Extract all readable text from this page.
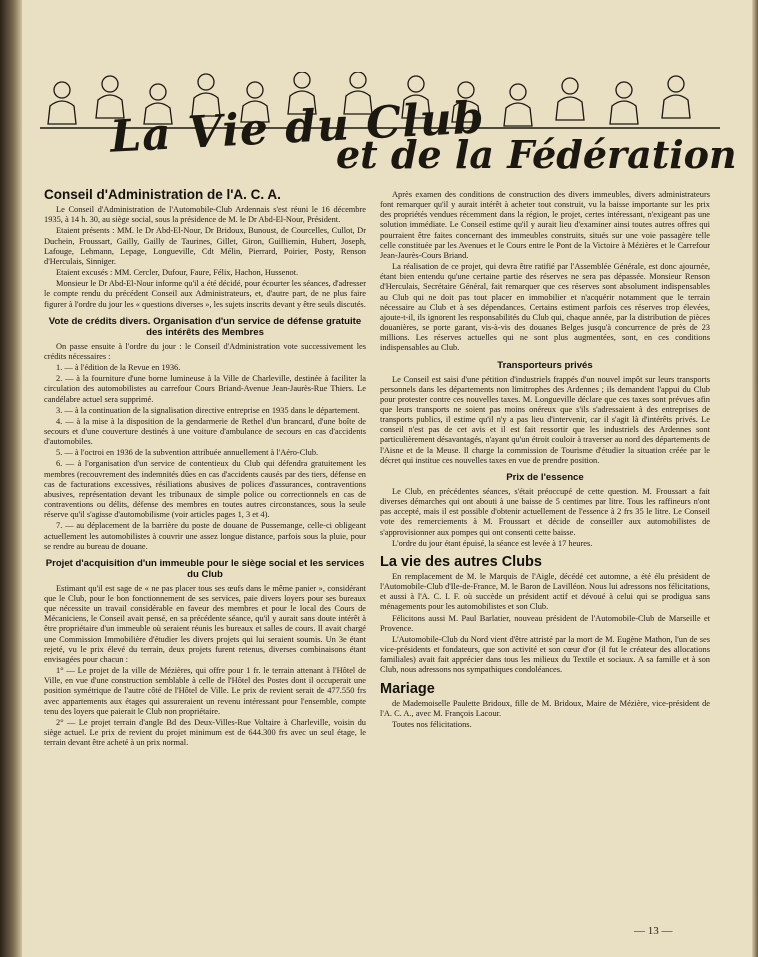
La Vie du Club
et de la Fédération
Conseil d'Administration de l'A. C. A.

Le Conseil d'Administration de l'Automobile-Club Ardennais s'est réuni le 16 décembre 1935, à 14 h. 30, au siège social, sous la présidence de M. le Dr Abd-El-Nour, Président.

Etaient présents : MM. le Dr Abd-El-Nour, Dr Bridoux, Bunoust, de Courcelles, Cullot, Dr Duchein, Froussart, Gailly, Gailly de Taurines, Gillet, Giron, Guilliemin, Hubert, Joseph, Lafouge, Lehmann, Lepage, Longueville, Cdt Mélin, Pierrard, Poirier, Posty, Renson d'Herculais, Sinniger.

Etaient excusés : MM. Cercler, Dufour, Faure, Félix, Hachon, Hussenot.

Monsieur le Dr Abd-El-Nour informe qu'il a été décidé, pour écourter les séances, d'adresser le compte rendu du précédent Conseil aux Administrateurs, et, d'autre part, de ne plus faire figurer à l'ordre du jour les « questions diverses », les sujets inscrits devant y être seuls discutés.

Vote de crédits divers. Organisation d'un service de défense gratuite des intérêts des Membres

On passe ensuite à l'ordre du jour : le Conseil d'Administration vote successivement les crédits nécessaires :

1. — à l'édition de la Revue en 1936.

2. — à la fourniture d'une borne lumineuse à la Ville de Charleville, destinée à faciliter la circulation des automobilistes au carrefour Cours Briand-Avenue Jean-Jaurès-Rue Thiers. Le candélabre actuel sera supprimé.

3. — à la continuation de la signalisation directive entreprise en 1935 dans le département.

4. — à la mise à la disposition de la gendarmerie de Rethel d'un brancard, d'une boîte de secours et d'une couverture destinés à une voiture d'ambulance de secours en cas d'accidents d'automobiles.

5. — à l'octroi en 1936 de la subvention attribuée annuellement à l'Aéro-Club.

6. — à l'organisation d'un service de contentieux du Club qui défendra gratuitement les membres (recouvrement des indemnités dûes en cas d'accidents causés par des tiers, défense en cas de facturations excessives, résiliations abusives de polices d'assurances, contraventions abusives, représentation devant les tribunaux de simple police ou correctionnels en cas de contraventions ou délits, défense des membres en toutes autres circonstances, sous la seule réserve qu'il s'agisse d'automobilisme (voir articles pages 1, 3 et 4).

7. — au déplacement de la barrière du poste de douane de Pussemange, celle-ci obligeant actuellement les automobilistes à couvrir une assez longue distance, parfois sous la pluie, pour se rendre au bureau de douane.

Projet d'acquisition d'un immeuble pour le siège social et les services du Club

Estimant qu'il est sage de « ne pas placer tous ses œufs dans le même panier », considérant que le Club, pour le bon fonctionnement de ses services, paie divers loyers pour ses bureaux que nécessite un travail considérable en faveur des membres et pour le local des Cours de Mécaniciens, le Conseil avait pensé, en sa précédente séance, qu'il y aurait sans doute intérêt à être propriétaire d'un immeuble où seraient réunis les bureaux et salles de cours. Il avait chargé une Commission Immobilière d'étudier les divers projets qui lui seraient soumis. Un 3e étant rejeté, vu le prix élevé du terrain, deux projets furent retenus, diverses combinaisons étant envisagées pour chacun :

1° — Le projet de la ville de Mézières, qui offre pour 1 fr. le terrain attenant à l'Hôtel de Ville, en vue d'une construction semblable à celle de l'Hôtel des Postes dont il occuperait une position symétrique de l'autre côté de l'Hôtel de Ville. Le prix de revient serait de 477.550 frs avec appartements aux étages qui assureraient un revenu intéressant pour l'ensemble, compte tenu des loyers que paierait le Club non propriétaire.

2° — Le projet terrain d'angle Bd des Deux-Villes-Rue Voltaire à Charleville, voisin du siège actuel. Le prix de revient du projet minimum est de 644.300 frs avec un seul étage, le terrain devant être acheté à un prix normal.

Après examen des conditions de construction des divers immeubles, divers administrateurs font remarquer qu'il y aurait intérêt à acheter tout construit, vu la baisse importante sur les prix des propriétés vendues récemment dans la région, le projet, certes intéressant, n'exigeant pas une solution immédiate. Le Conseil estime qu'il y aurait lieu d'examiner ainsi toutes autres offres qui pourraient être faites concernant des immeubles construits, situés sur une voie passagère telle celle constituée par les Avenues et le Cours entre le Pont de la Victoire à Mézières et le Carrefour Jean-Jaurès-Cours Briand.

La réalisation de ce projet, qui devra être ratifié par l'Assemblée Générale, est donc ajournée, étant bien entendu qu'une certaine partie des réserves ne sera pas dépassée. Monsieur Renson d'Herculais, Secrétaire Général, fait remarquer que ces réserves sont absolument indispensables au Club qui ne doit pas tout placer en immobilier et n'acquérir notamment que le terrain nécessaire au Club et à ses dépendances. Certains estiment parfois ces réserves trop élevées, ajoute-t-il, ils ignorent les responsabilités du Club qui, chaque année, par la distribution de pièces douanières, se porte garant, vis-à-vis des douanes Belges jusqu'à concurrence de près de 23 millions. Les réserves actuelles qui ne sont plus augmentées, sont, en ces conditions indispensables au Club.

Transporteurs privés

Le Conseil est saisi d'une pétition d'industriels frappés d'un nouvel impôt sur leurs transports personnels dans les départements non limitrophes des Ardennes ; ils demandent l'appui du Club pour protester contre ces nouvelles taxes. M. Longueville déclare que ces taxes sont prévues afin que leurs transports ne soient pas moins onéreux que s'ils s'adressaient à des entreprises de transports publics, il estime qu'il n'y a pas lieu d'intervenir, car il s'agit là d'intérêts privés. Le conseil n'est pas de cet avis et il est fait ressortir que les industriels des Ardennes sont particulièrement désavantagés, n'ayant qu'un étroit couloir à traverser au nord des départements de l'Aisne et de la Meuse. Il charge la commission de Tourisme d'étudier la situation créée par le décret qui institue ces nouvelles taxes en vue de prendre position.

Prix de l'essence

Le Club, en précédentes séances, s'était préoccupé de cette question. M. Froussart a fait diverses démarches qui ont abouti à une baisse de 5 centimes par litre. Tous les raffineurs n'ont pas accepté, mais il est possible d'obtenir actuellement de l'essence à 2 frs 35 le litre. Le Conseil vote des remerciements à M. Froussart et décide de conseiller aux automobilistes de s'approvisionner aux pompes qui ont consenti cette baisse.

L'ordre du jour étant épuisé, la séance est levée à 17 heures.

La vie des autres Clubs

En remplacement de M. le Marquis de l'Aigle, décédé cet automne, a été élu président de l'Automobile-Club d'Ile-de-France, M. le Baron de Lavilléon. Nous lui adressons nos félicitations, et aussi à l'A. C. I. F. où succède un président actif et dévoué à celui qui se prodigua sans ménagements pour les automobilistes et son Club.

Félicitons aussi M. Paul Barlatier, nouveau président de l'Automobile-Club de Marseille et Provence.

L'Automobile-Club du Nord vient d'être attristé par la mort de M. Eugène Mathon, l'un de ses vice-présidents et fondateurs, que son activité et son cœur d'or (il fut le créateur des allocations familiales) avait fait apprécier dans tous les milieux du Textile et sociaux. A sa famille et à son Club, nous adressons nos sympathiques condoléances.

Mariage

de Mademoiselle Paulette Bridoux, fille de M. Bridoux, Maire de Mézière, vice-président de l'A. C. A., avec M. François Lacour.

Toutes nos félicitations.

— 13 —
